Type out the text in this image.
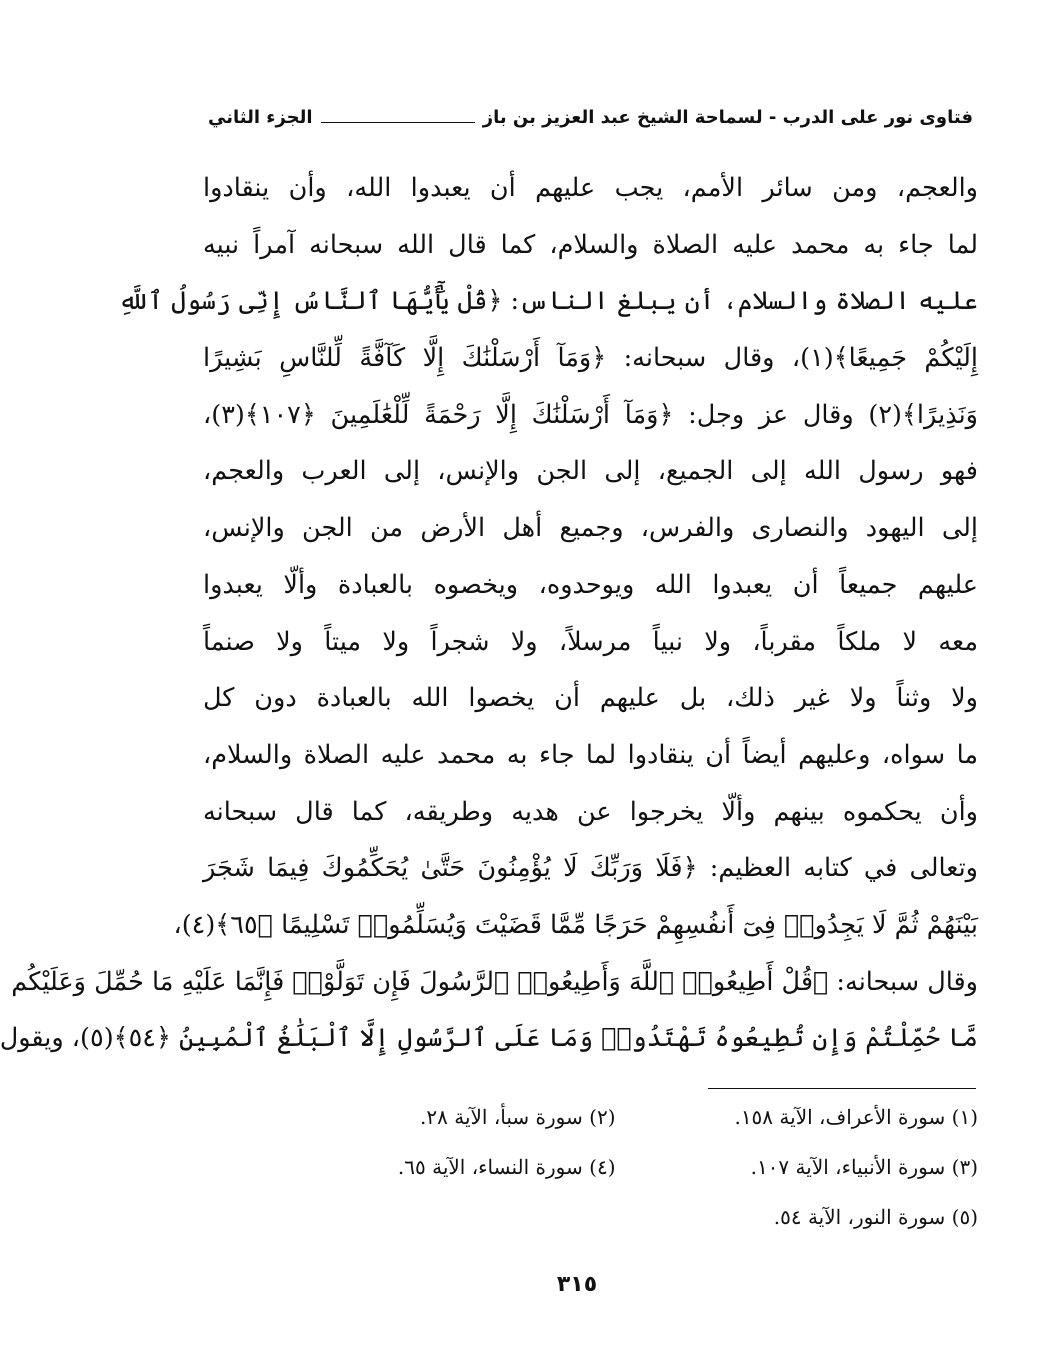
فتاوى نور على الدرب - لسماحة الشيخ عبد العزيز بن باز
الجزء الثاني
والعجم، ومن سائر الأمم، يجب عليهم أن يعبدوا الله، وأن ينقادوا
لما جاء به محمد عليه الصلاة والسلام، كما قال الله سبحانه آمراً نبيه
عليه الصلاة والسلام، أن يبلغ الناس: ﴿قُلْ يَٰٓأَيُّهَا ٱلنَّاسُ إِنِّى رَسُولُ ٱللَّهِ
إِلَيْكُمْ جَمِيعًا﴾(١)، وقال سبحانه: ﴿وَمَآ أَرْسَلْنَٰكَ إِلَّا كَآفَّةً لِّلنَّاسِ بَشِيرًا
وَنَذِيرًا﴾(٢) وقال عز وجل: ﴿وَمَآ أَرْسَلْنَٰكَ إِلَّا رَحْمَةً لِّلْعَٰلَمِينَ ﴿١٠٧﴾(٣)،
فهو رسول الله إلى الجميع، إلى الجن والإنس، إلى العرب والعجم،
إلى اليهود والنصارى والفرس، وجميع أهل الأرض من الجن والإنس،
عليهم جميعاً أن يعبدوا الله ويوحدوه، ويخصوه بالعبادة وألّا يعبدوا
معه لا ملكاً مقرباً، ولا نبياً مرسلاً، ولا شجراً ولا ميتاً ولا صنماً
ولا وثناً ولا غير ذلك، بل عليهم أن يخصوا الله بالعبادة دون كل
ما سواه، وعليهم أيضاً أن ينقادوا لما جاء به محمد عليه الصلاة والسلام،
وأن يحكموه بينهم وألّا يخرجوا عن هديه وطريقه، كما قال سبحانه
وتعالى في كتابه العظيم: ﴿فَلَا وَرَبِّكَ لَا يُؤْمِنُونَ حَتَّىٰ يُحَكِّمُوكَ فِيمَا شَجَرَ
بَيْنَهُمْ ثُمَّ لَا يَجِدُوا۟ فِىٓ أَنفُسِهِمْ حَرَجًا مِّمَّا قَضَيْتَ وَيُسَلِّمُوا۟ تَسْلِيمًا ﴿٦٥﴾(٤)،
وقال سبحانه: ﴿قُلْ أَطِيعُوا۟ ٱللَّهَ وَأَطِيعُوا۟ ٱلرَّسُولَ فَإِن تَوَلَّوْا۟ فَإِنَّمَا عَلَيْهِ مَا حُمِّلَ وَعَلَيْكُم
مَّا حُمِّلْتُمْ وَإِن تُطِيعُوهُ تَهْتَدُوا۟ وَمَا عَلَى ٱلرَّسُولِ إِلَّا ٱلْبَلَٰغُ ٱلْمُبِينُ ﴿٥٤﴾(٥)، ويقول
(١) سورة الأعراف، الآية ١٥٨.
(٢) سورة سبأ، الآية ٢٨.
(٣) سورة الأنبياء، الآية ١٠٧.
(٤) سورة النساء، الآية ٦٥.
(٥) سورة النور، الآية ٥٤.
٣١٥
